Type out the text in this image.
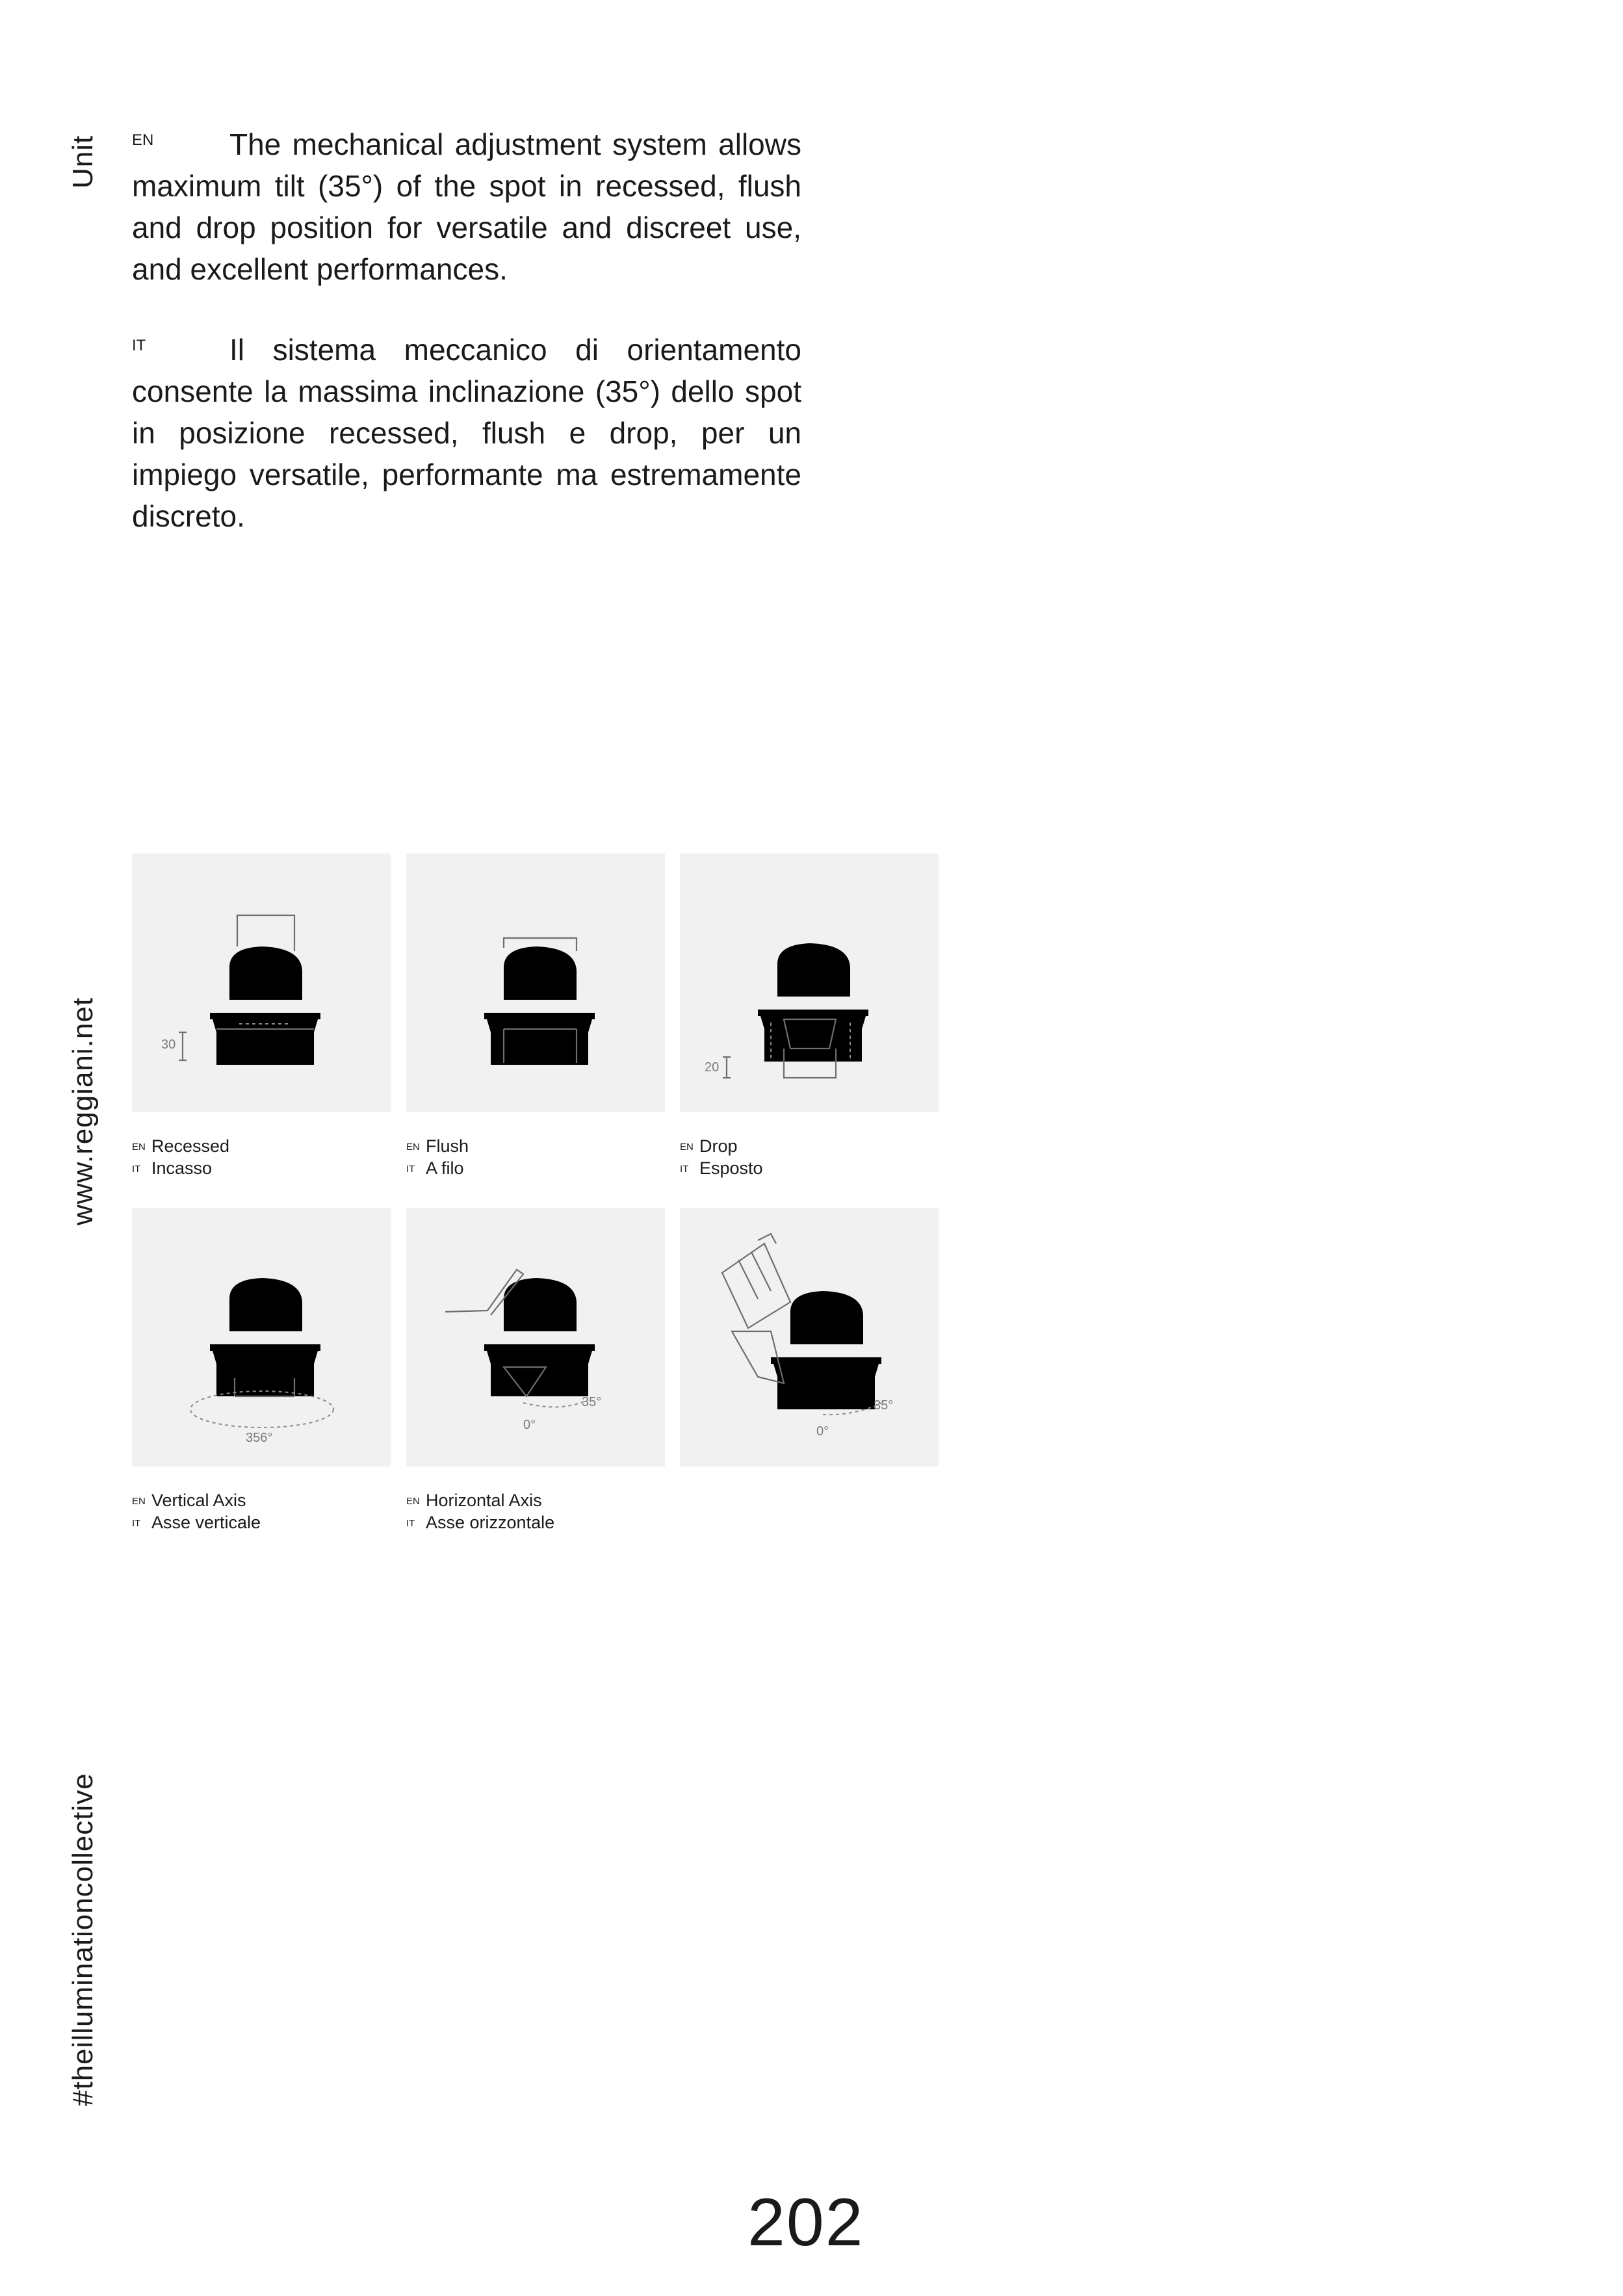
Unit
www.reggiani.net
#theilluminationcollective
EN	The mechanical adjustment system allows maximum tilt (35°) of the spot in recessed, flush and drop position for versatile and discreet use, and excellent performances.
IT	Il sistema meccanico di orientamento consente la massima inclinazione (35°) dello spot in posizione recessed, flush e drop, per un impiego versatile, performante ma estremamente discreto.
30
EN Recessed
IT Incasso
EN Flush
IT A filo
20
EN Drop
IT Esposto
356°
EN Vertical Axis
IT Asse verticale
0°
35°
EN Horizontal Axis
IT Asse orizzontale
0°
35°
202
